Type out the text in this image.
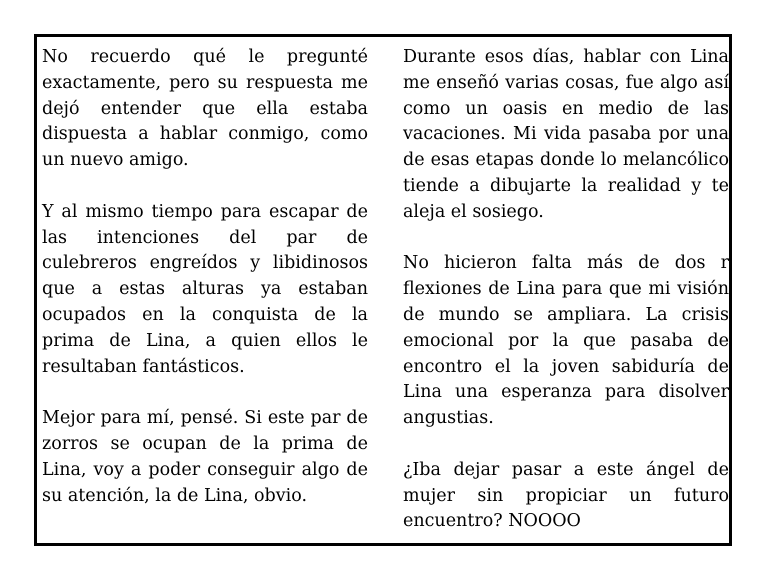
No recuerdo qué le pregunté exactamente, pero su respuesta me dejó entender que ella estaba dispuesta a hablar conmigo, como un nuevo amigo.

Y al mismo tiempo para escapar de las intenciones del par de culebreros engreídos y libidinosos que a estas alturas ya estaban ocupados en la conquista de la prima de Lina, a quien ellos le resultaban fantásticos.

Mejor para mí, pensé. Si este par de zorros se ocupan de la prima de Lina, voy a poder conseguir algo de su atención, la de Lina, obvio.

Durante esos días, hablar con Lina me enseñó varias cosas, fue algo así como un oasis en medio de las vacaciones. Mi vida pasaba por una de esas etapas donde lo melancólico tiende a dibujarte la realidad y te aleja el sosiego.

No hicieron falta más de dos r flexiones de Lina para que mi visión de mundo se ampliara. La crisis emocional por la que pasaba de encontro el la joven sabiduría de Lina una esperanza para disolver angustias.

¿Iba dejar pasar a este ángel de mujer sin propiciar un futuro encuentro? NOOOO
